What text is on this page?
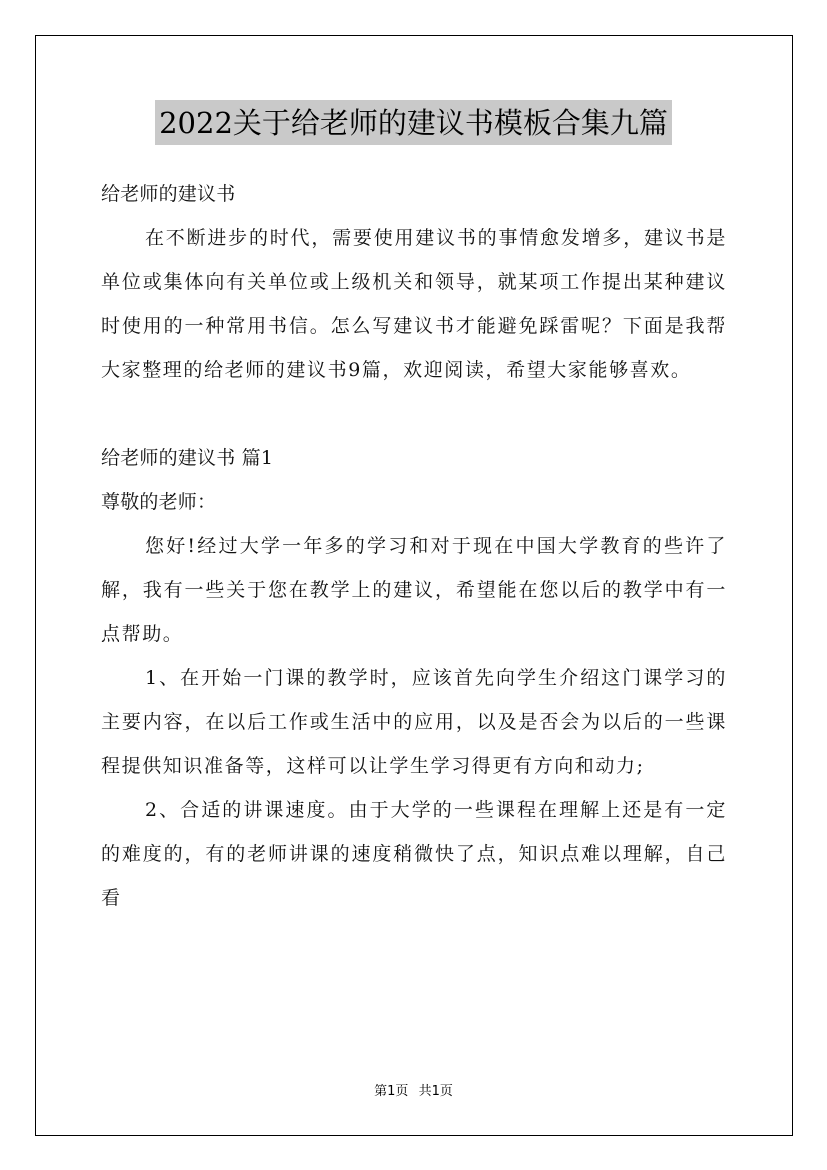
2022关于给老师的建议书模板合集九篇
给老师的建议书
在不断进步的时代，需要使用建议书的事情愈发增多，建议书是单位或集体向有关单位或上级机关和领导，就某项工作提出某种建议时使用的一种常用书信。怎么写建议书才能避免踩雷呢？下面是我帮大家整理的给老师的建议书9篇，欢迎阅读，希望大家能够喜欢。
给老师的建议书 篇1
尊敬的老师：
您好!经过大学一年多的学习和对于现在中国大学教育的些许了解，我有一些关于您在教学上的建议，希望能在您以后的教学中有一点帮助。
1、在开始一门课的教学时，应该首先向学生介绍这门课学习的主要内容，在以后工作或生活中的应用，以及是否会为以后的一些课程提供知识准备等，这样可以让学生学习得更有方向和动力;
2、合适的讲课速度。由于大学的一些课程在理解上还是有一定的难度的，有的老师讲课的速度稍微快了点，知识点难以理解，自己看
第1页 共1页
